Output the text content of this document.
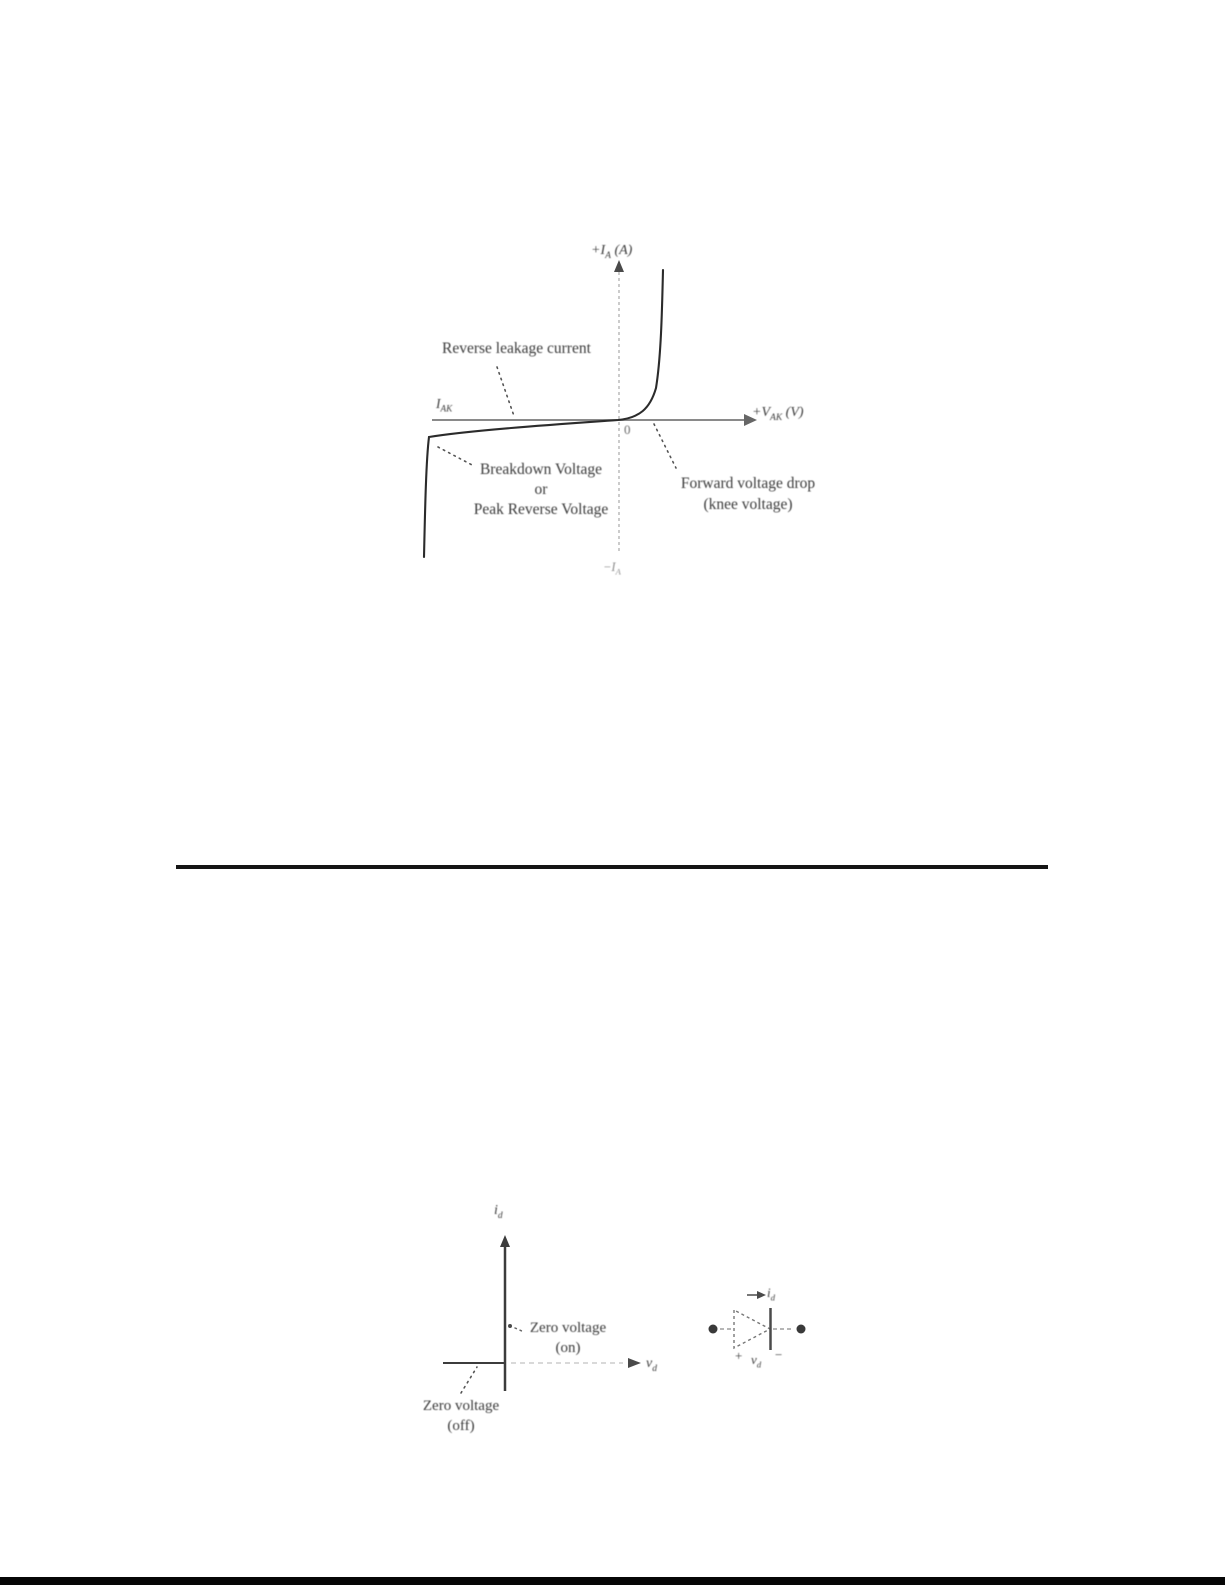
$+I_A$ (A)
$+V_{AK}$ (V)
$I_{AK}$
0
Reverse leakage current
Breakdown Voltage
or
Peak Reverse Voltage
Forward voltage drop
(knee voltage)
$-I_A$
$i_d$
Zero voltage
(on)
$v_d$
Zero voltage
(off)
$i_d$
+ $v_d$
−
